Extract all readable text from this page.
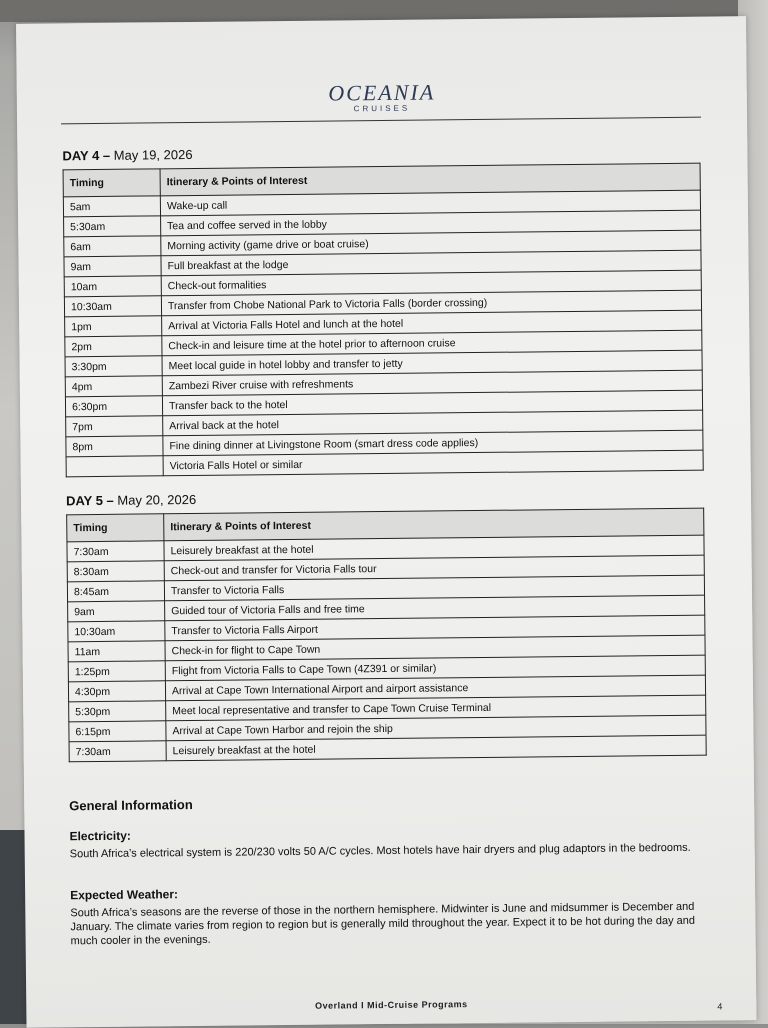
OCEANIA
CRUISES
DAY 4 – May 19, 2026
Timing	Itinerary & Points of Interest
5am	Wake-up call
5:30am	Tea and coffee served in the lobby
6am	Morning activity (game drive or boat cruise)
9am	Full breakfast at the lodge
10am	Check-out formalities
10:30am	Transfer from Chobe National Park to Victoria Falls (border crossing)
1pm	Arrival at Victoria Falls Hotel and lunch at the hotel
2pm	Check-in and leisure time at the hotel prior to afternoon cruise
3:30pm	Meet local guide in hotel lobby and transfer to jetty
4pm	Zambezi River cruise with refreshments
6:30pm	Transfer back to the hotel
7pm	Arrival back at the hotel
8pm	Fine dining dinner at Livingstone Room (smart dress code applies)
	Victoria Falls Hotel or similar
DAY 5 – May 20, 2026
Timing	Itinerary & Points of Interest
7:30am	Leisurely breakfast at the hotel
8:30am	Check-out and transfer for Victoria Falls tour
8:45am	Transfer to Victoria Falls
9am	Guided tour of Victoria Falls and free time
10:30am	Transfer to Victoria Falls Airport
11am	Check-in for flight to Cape Town
1:25pm	Flight from Victoria Falls to Cape Town (4Z391 or similar)
4:30pm	Arrival at Cape Town International Airport and airport assistance
5:30pm	Meet local representative and transfer to Cape Town Cruise Terminal
6:15pm	Arrival at Cape Town Harbor and rejoin the ship
7:30am	Leisurely breakfast at the hotel
General Information
Electricity:
South Africa’s electrical system is 220/230 volts 50 A/C cycles. Most hotels have hair dryers and plug adaptors in the bedrooms.
Expected Weather:
South Africa’s seasons are the reverse of those in the northern hemisphere. Midwinter is June and midsummer is December and January. The climate varies from region to region but is generally mild throughout the year. Expect it to be hot during the day and much cooler in the evenings.
Overland I Mid-Cruise Programs	4
